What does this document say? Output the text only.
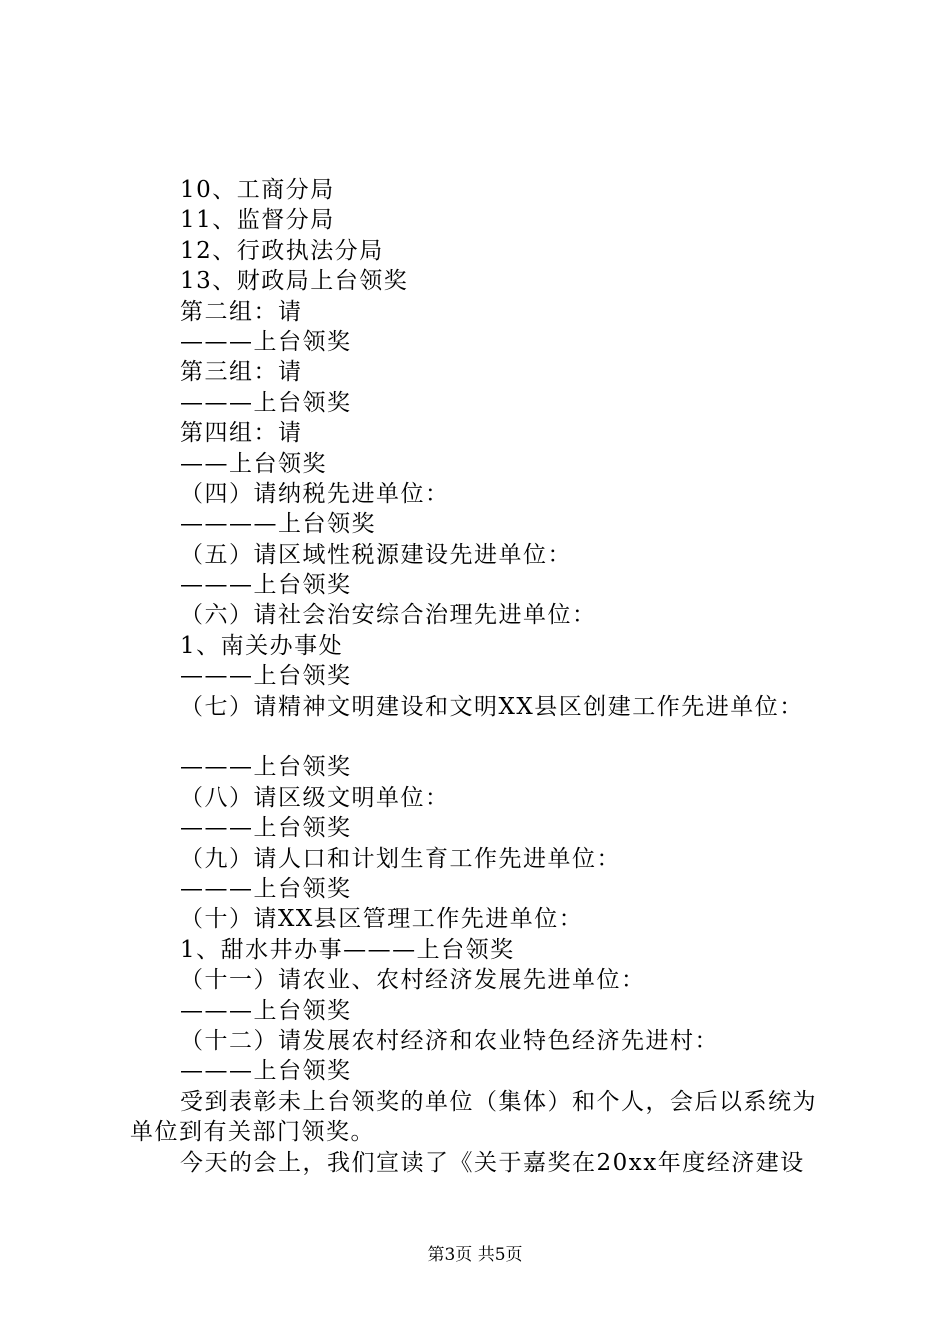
10、工商分局
11、监督分局
12、行政执法分局
13、财政局上台领奖
第二组：请
———上台领奖
第三组：请
———上台领奖
第四组：请
——上台领奖
（四）请纳税先进单位：
————上台领奖
（五）请区域性税源建设先进单位：
———上台领奖
（六）请社会治安综合治理先进单位：
1、南关办事处
———上台领奖
（七）请精神文明建设和文明XX县区创建工作先进单位：
———上台领奖
（八）请区级文明单位：
———上台领奖
（九）请人口和计划生育工作先进单位：
———上台领奖
（十）请XX县区管理工作先进单位：
1、甜水井办事———上台领奖
（十一）请农业、农村经济发展先进单位：
———上台领奖
（十二）请发展农村经济和农业特色经济先进村：
———上台领奖
受到表彰未上台领奖的单位（集体）和个人，会后以系统为单位到有关部门领奖。
今天的会上，我们宣读了《关于嘉奖在20xx年度经济建设
第3页 共5页
